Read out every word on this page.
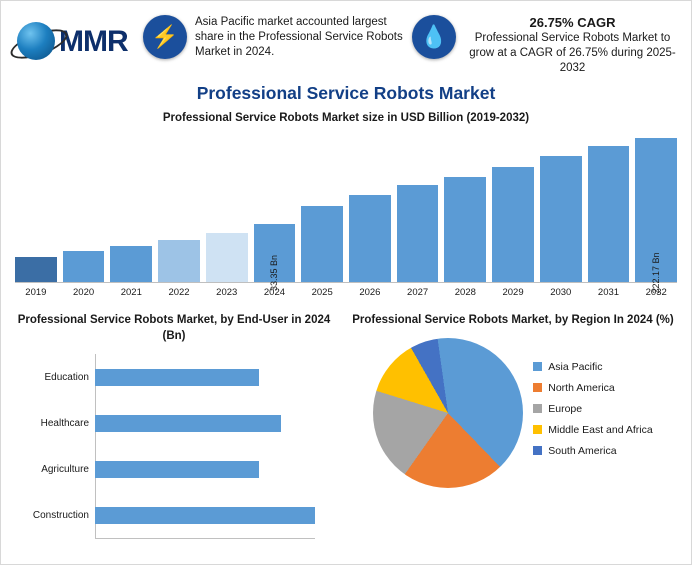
MMR	⚡
Asia Pacific market accounted largest share in the Professional Service Robots Market in 2024.
💧
26.75% CAGR
Professional Service Robots Market to grow at a CAGR of 26.75% during 2025-2032
Professional Service Robots Market
Professional Service Robots Market size in USD Billion (2019-2032)
33.35 Bn	222.17 Bn
2019	2020	2021	2022	2023	2024	2025	2026	2027	2028	2029	2030	2031	2032
Professional Service Robots Market, by End-User in 2024 (Bn)
Education
Healthcare
Agriculture
Construction
Professional Service Robots Market, by Region In 2024 (%)
Asia Pacific
North America
Europe
Middle East and Africa
South America
